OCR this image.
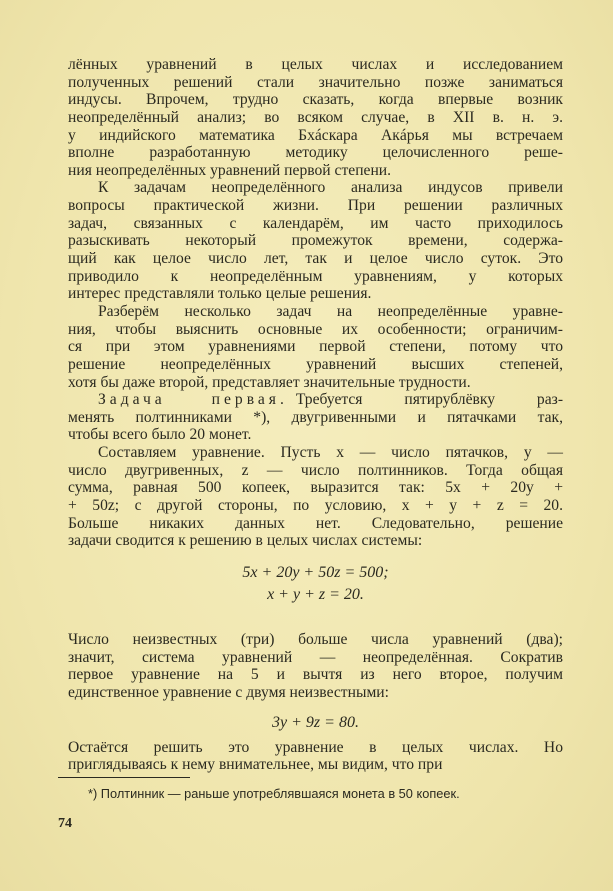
лённых уравнений в целых числах и исследованием
полученных решений стали значительно позже заниматься
индусы. Впрочем, трудно сказать, когда впервые возник
неопределённый анализ; во всяком случае, в XII в. н. э.
у индийского математика Бхáскара Акáрья мы встречаем
вполне разработанную методику целочисленного реше-
ния неопределённых уравнений первой степени.
К задачам неопределённого анализа индусов привели
вопросы практической жизни. При решении различных
задач, связанных с календарём, им часто приходилось
разыскивать некоторый промежуток времени, содержа-
щий как целое число лет, так и целое число суток. Это
приводило к неопределённым уравнениям, у которых
интерес представляли только целые решения.
Разберём несколько задач на неопределённые уравне-
ния, чтобы выяснить основные их особенности; ограничим-
ся при этом уравнениями первой степени, потому что
решение неопределённых уравнений высших степеней,
хотя бы даже второй, представляет значительные трудности.
Задача первая. Требуется пятирублёвку раз-
менять полтинниками *), двугривенными и пятачками так,
чтобы всего было 20 монет.
Составляем уравнение. Пусть x — число пятачков, y —
число двугривенных, z — число полтинников. Тогда общая
сумма, равная 500 копеек, выразится так: 5x + 20y +
+ 50z; с другой стороны, по условию, x + y + z = 20.
Больше никаких данных нет. Следовательно, решение
задачи сводится к решению в целых числах системы:
5x + 20y + 50z = 500;
x + y + z = 20.
Число неизвестных (три) больше числа уравнений (два);
значит, система уравнений — неопределённая. Сократив
первое уравнение на 5 и вычтя из него второе, получим
единственное уравнение с двумя неизвестными:
3y + 9z = 80.
Остаётся решить это уравнение в целых числах. Но
приглядываясь к нему внимательнее, мы видим, что при
*) Полтинник — раньше употреблявшаяся монета в 50 копеек.
74
